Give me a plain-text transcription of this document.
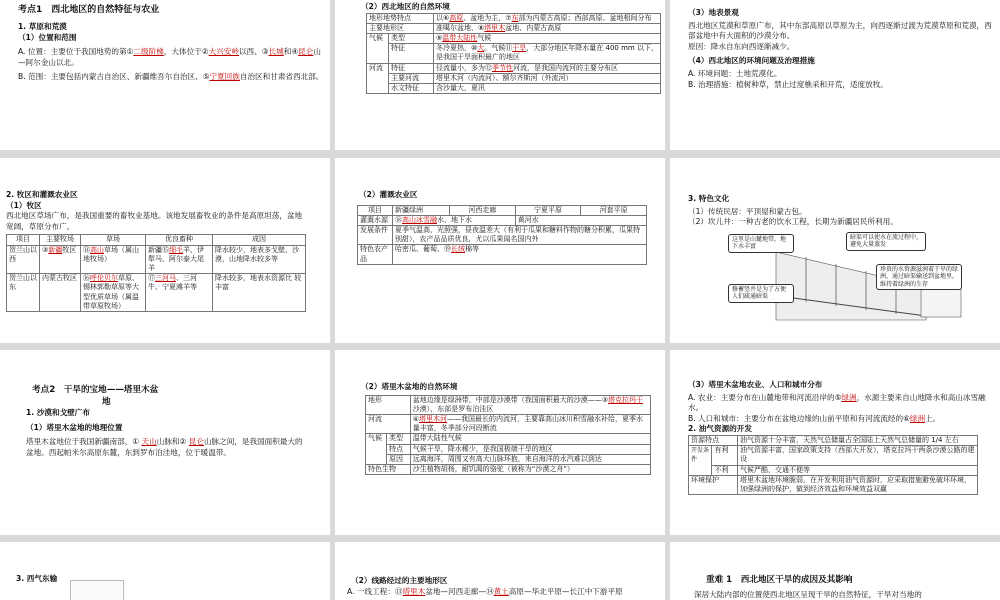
考点1　西北地区的自然特征与农业

1. 草原和荒漠

（1）位置和范围

A. 位置：主要位于我国地势的第①二级阶梯，大体位于②大兴安岭以西、③长城和④昆仑山—阿尔金山以北。

B. 范围：主要包括内蒙古自治区、新疆维吾尔自治区、⑤宁夏回族自治区和甘肃省西北部。

（2）西北地区的自然环境

地形地势特点		以⑥高原、盆地为主，⑦东部为内蒙古高原；西部高原、盆地相间分布
主要地形区		准噶尔盆地、⑧塔里木盆地、内蒙古高原
气候	类型	⑨温带大陆性气候
	特征	冬冷夏热，⑩大。气候⑪干旱，大部分地区年降水量在 400 mm 以下，是我国干旱面积最广的地区
河流	特征	径流量小，多为⑫季节性河流，是我国内流河的主要分布区
	主要河流	塔里木河（内流河）、额尔齐斯河（外流河）
	水文特征	含沙量大，夏汛

（3）地表景观

西北地区荒漠和草原广布，其中东部高原以草原为主，向西逐渐过渡为荒漠草原和荒漠，西部盆地中有大面积的沙漠分布。

原因：降水自东向西逐渐减少。

（4）西北地区的环境问题及治理措施

A. 环境问题：土地荒漠化。

B. 治理措施：植树种草，禁止过度樵采和开荒，适度放牧。

2. 牧区和灌溉农业区

（1）牧区

西北地区草场广布，是我国重要的畜牧业基地。该地发展畜牧业的条件是高原坦荡，盆地宽阔，草原分布广。

项目	主要牧场	草场	优良畜种	成因
贺兰山以西	③新疆牧区	⑭高山草场（属山地牧场）	新疆⑮细毛羊、伊犁马、阿尔泰大尾羊	降水较少，地表多戈壁、沙漠，山地降水较多等
贺兰山以东	内蒙古牧区	⑯呼伦贝尔草原、锡林郭勒草原等大型优质草场（属温带草原牧场）	⑰三河马、三河牛、宁夏滩羊等	降水较多，地表水资源比 较丰富

（2）灌溉农业区

项目	新疆绿洲	河西走廊	宁夏平原	河套平原
灌溉水源	⑱高山冰雪融水、地下水		黄河水	
发展条件	夏季气温高，光照强，昼夜温差大（有利于瓜果和糖料作物的糖分积累，瓜果特别甜），农产品品质优良，尤以瓜果闻名国内外			
特色农产品	哈密瓜、葡萄、⑲长绒棉等			

3. 特色文化

（1）传统民居：平顶屋和蒙古包。

（2）坎儿井：一种古老的饮水工程，长期为新疆居民所利用。

这里是山麓地带，地下水丰富
暗渠可以使水在流过程中，避免大量蒸发
修蓄竖井是为了方便人们疏通暗渠
珍贵的水资源滋润着干旱的绿洲，通过暗渠输送到盆地里，维持着绿洲的生存

考点2　干旱的宝地——塔里木盆

地

1. 沙漠和戈壁广布

（1）塔里木盆地的地理位置

塔里木盆地位于我国新疆南部，① 天山山脉和② 昆仑山脉之间，是我国面积最大的盆地。西起帕米尔高原东麓，东到罗布泊洼地，位于暖温带。

（2）塔里木盆地的自然环境

地形		盆地边缘是绿洲带，中部是沙漠带（我国面积最大的沙漠——③塔克拉玛干沙漠），东部是罗布泊洼区
河流		④塔里木河——我国最长的内流河，主要靠高山冰川积雪融水补给，夏季水量丰富，冬季部分河段断流
气候	类型	温带大陆性气候
	特点	气候干旱，降水稀少，是我国极端干旱的地区
	原因	远离海洋，周围又有高大山脉环抱，来自海洋的水汽难以到达
特色生物		沙生植物胡杨，耐饥渴的骆驼（被称为“沙漠之舟”）

（3）塔里木盆地农业、人口和城市分布

A. 农业：主要分布在山麓地带和河流沿岸的⑤绿洲，水源主要来自山地降水和高山冰雪融水。

B. 人口和城市：主要分布在盆地边缘的山前平原和有河流流经的⑥绿洲上。

2. 油气资源的开发

资源特点		油气资源十分丰富，天然气总储量占全国陆上天然气总储量的 1/4 左右
开发条件	有利	油气资源丰富，国家政策支持（西部大开发），塔克拉玛干两条沙漠公路的建设
	不利	气候严酷，交通不便等
环境保护		塔里木盆地环境脆弱，在开发利用油气资源时，应采取措施避免破坏环境，加强绿洲的保护，做到经济效益和环境效益双赢

3. 西气东输	（2）线路经过的主要地形区

A. 一线工程：⑬塔里木盆地—河西走廊—⑭黄土高原—华北平原—长江中下游平原

重难 1　西北地区干旱的成因及其影响

深居大陆内部的位置使西北地区呈现干旱的自然特征，干旱对当地的
